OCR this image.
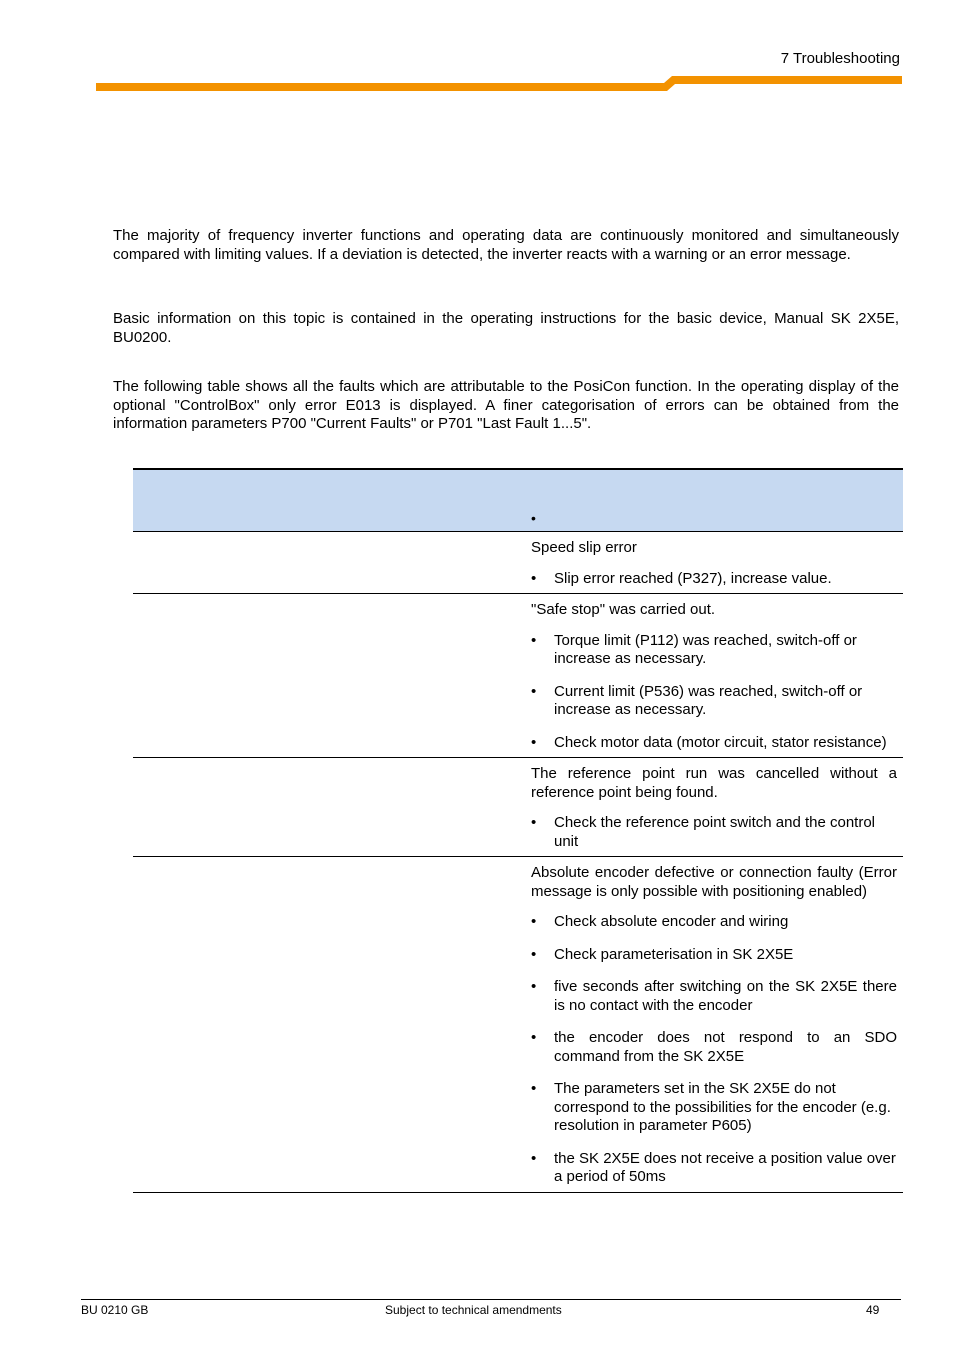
7 Troubleshooting

The majority of frequency inverter functions and operating data are continuously monitored and simultaneously compared with limiting values. If a deviation is detected, the inverter reacts with a warning or an error message.

Basic information on this topic is contained in the operating instructions for the basic device, Manual SK 2X5E, BU0200.

The following table shows all the faults which are attributable to the PosiCon function. In the operating display of the optional "ControlBox" only error E013 is displayed. A finer categorisation of errors can be obtained from the information parameters P700 "Current Faults" or P701 "Last Fault 1...5".

•

Speed slip error

• Slip error reached (P327), increase value.

"Safe stop" was carried out.

• Torque limit (P112) was reached, switch-off or increase as necessary.
• Current limit (P536) was reached, switch-off or increase as necessary.
• Check motor data (motor circuit, stator resistance)

The reference point run was cancelled without a reference point being found.

• Check the reference point switch and the control unit

Absolute encoder defective or connection faulty (Error message is only possible with positioning enabled)

• Check absolute encoder and wiring
• Check parameterisation in SK 2X5E
• five seconds after switching on the SK 2X5E there is no contact with the encoder
• the encoder does not respond to an SDO command from the SK 2X5E
• The parameters set in the SK 2X5E do not correspond to the possibilities for the encoder (e.g. resolution in parameter P605)
• the SK 2X5E does not receive a position value over a period of 50ms
BU 0210 GB	Subject to technical amendments	49
